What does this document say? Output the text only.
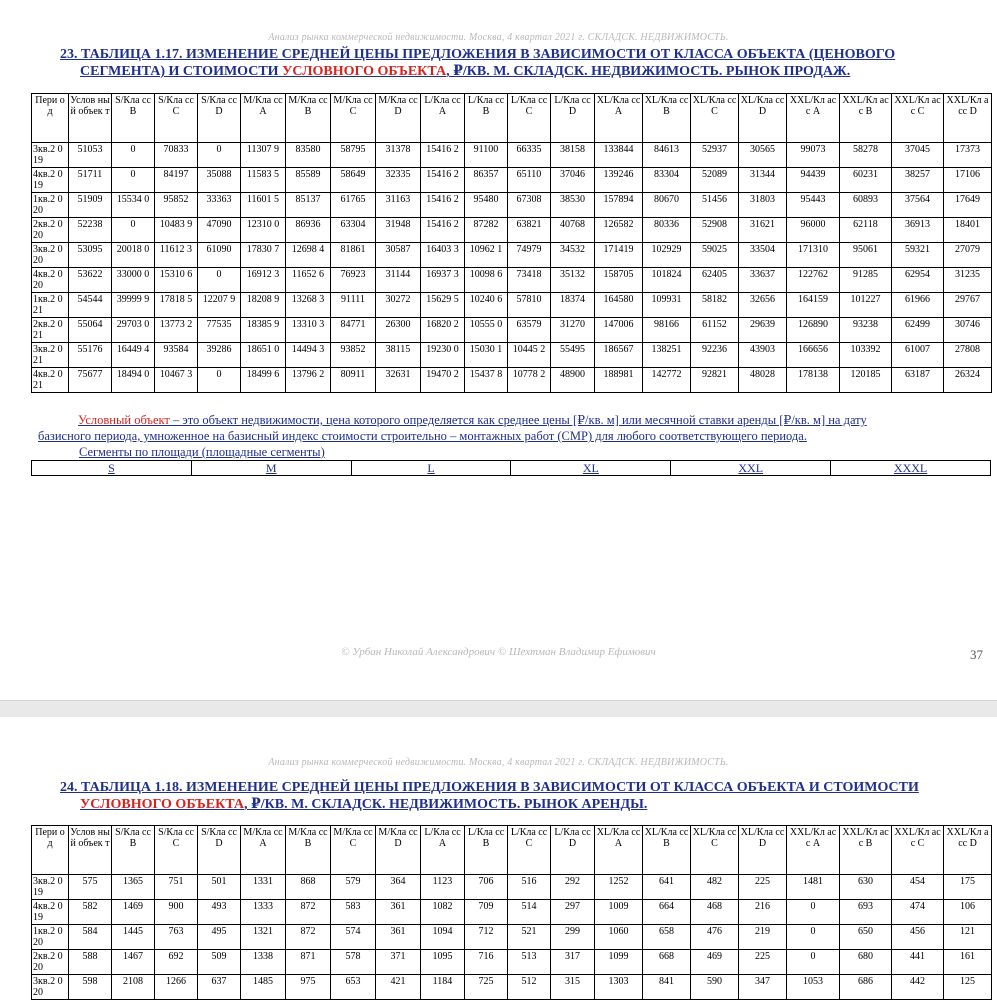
Анализ рынка коммерческой недвижимости. Москва, 4 квартал 2021 г. СКЛАДСК. НЕДВИЖИМОСТЬ.
23. ТАБЛИЦА 1.17. ИЗМЕНЕНИЕ СРЕДНЕЙ ЦЕНЫ ПРЕДЛОЖЕНИЯ В ЗАВИСИМОСТИ ОТ КЛАССА ОБЪЕКТА (ЦЕНОВОГО
СЕГМЕНТА) И СТОИМОСТИ УСЛОВНОГО ОБЪЕКТА, ₽/КВ. М. СКЛАДСК. НЕДВИЖИМОСТЬ. РЫНОК ПРОДАЖ.
Пери од	Услов ный объек т	S/Кла сс B	S/Кла сс C	S/Кла сс D	M/Кла сс A	M/Кла сс B	M/Кла сс C	M/Кла сс D	L/Кла сс A	L/Кла сс B	L/Кла сс C	L/Кла сс D	XL/Кла сс A	XL/Кла сс B	XL/Кла сс C	XL/Кла сс D	XXL/Кл асс A	XXL/Кл асс B	XXL/Кл асс C	XXL/Кл асс D
3кв.2 019	51053	0	70833	0	11307 9	83580	58795	31378	15416 2	91100	66335	38158	133844	84613	52937	30565	99073	58278	37045	17373
4кв.2 019	51711	0	84197	35088	11583 5	85589	58649	32335	15416 2	86357	65110	37046	139246	83304	52089	31344	94439	60231	38257	17106
1кв.2 020	51909	15534 0	95852	33363	11601 5	85137	61765	31163	15416 2	95480	67308	38530	157894	80670	51456	31803	95443	60893	37564	17649
2кв.2 020	52238	0	10483 9	47090	12310 0	86936	63304	31948	15416 2	87282	63821	40768	126582	80336	52908	31621	96000	62118	36913	18401
3кв.2 020	53095	20018 0	11612 3	61090	17830 7	12698 4	81861	30587	16403 3	10962 1	74979	34532	171419	102929	59025	33504	171310	95061	59321	27079
4кв.2 020	53622	33000 0	15310 6	0	16912 3	11652 6	76923	31144	16937 3	10098 6	73418	35132	158705	101824	62405	33637	122762	91285	62954	31235
1кв.2 021	54544	39999 9	17818 5	12207 9	18208 9	13268 3	91111	30272	15629 5	10240 6	57810	18374	164580	109931	58182	32656	164159	101227	61966	29767
2кв.2 021	55064	29703 0	13773 2	77535	18385 9	13310 3	84771	26300	16820 2	10555 0	63579	31270	147006	98166	61152	29639	126890	93238	62499	30746
3кв.2 021	55176	16449 4	93584	39286	18651 0	14494 3	93852	38115	19230 0	15030 1	10445 2	55495	186567	138251	92236	43903	166656	103392	61007	27808
4кв.2 021	75677	18494 0	10467 3	0	18499 6	13796 2	80911	32631	19470 2	15437 8	10778 2	48900	188981	142772	92821	48028	178138	120185	63187	26324
Условный объект – это объект недвижимости, цена которого определяется как среднее цены [₽/кв. м] или месячной ставки аренды [₽/кв. м] на дату
базисного периода, умноженное на базисный индекс стоимости строительно – монтажных работ (СМР) для любого соответствующего периода.
Сегменты по площади (площадные сегменты)
S	M	L	XL	XXL	XXXL
© Урбан Николай Александрович © Шехтман Владимир Ефимович	37
Анализ рынка коммерческой недвижимости. Москва, 4 квартал 2021 г. СКЛАДСК. НЕДВИЖИМОСТЬ.
24. ТАБЛИЦА 1.18. ИЗМЕНЕНИЕ СРЕДНЕЙ ЦЕНЫ ПРЕДЛОЖЕНИЯ В ЗАВИСИМОСТИ ОТ КЛАССА ОБЪЕКТА И СТОИМОСТИ
УСЛОВНОГО ОБЪЕКТА, ₽/КВ. М. СКЛАДСК. НЕДВИЖИМОСТЬ. РЫНОК АРЕНДЫ.
Пери од	Услов ный объек т	S/Кла сс B	S/Кла сс C	S/Кла сс D	M/Кла сс A	M/Кла сс B	M/Кла сс C	M/Кла сс D	L/Кла сс A	L/Кла сс B	L/Кла сс C	L/Кла сс D	XL/Кла сс A	XL/Кла сс B	XL/Кла сс C	XL/Кла сс D	XXL/Кл асс A	XXL/Кл асс B	XXL/Кл асс C	XXL/Кл асс D
3кв.2 019	575	1365	751	501	1331	868	579	364	1123	706	516	292	1252	641	482	225	1481	630	454	175
4кв.2 019	582	1469	900	493	1333	872	583	361	1082	709	514	297	1009	664	468	216	0	693	474	106
1кв.2 020	584	1445	763	495	1321	872	574	361	1094	712	521	299	1060	658	476	219	0	650	456	121
2кв.2 020	588	1467	692	509	1338	871	578	371	1095	716	513	317	1099	668	469	225	0	680	441	161
3кв.2 020	598	2108	1266	637	1485	975	653	421	1184	725	512	315	1303	841	590	347	1053	686	442	125
